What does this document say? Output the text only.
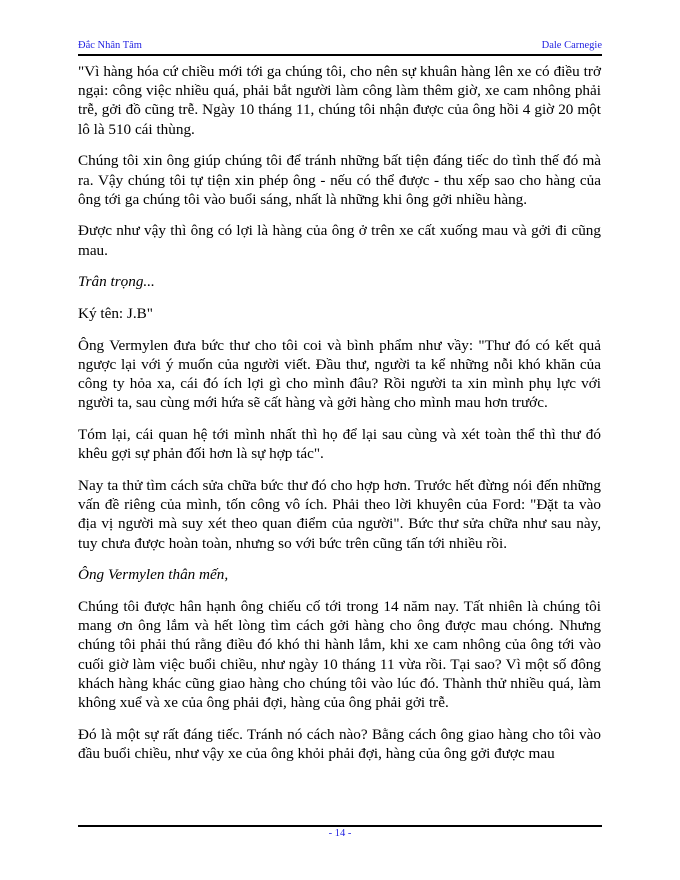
Đắc Nhân Tâm	Dale Carnegie

"Vì hàng hóa cứ chiều mới tới ga chúng tôi, cho nên sự khuân hàng lên xe có điều trở ngại: công việc nhiều quá, phải bắt người làm công làm thêm giờ, xe cam nhông phải trễ, gởi đồ cũng trễ. Ngày 10 tháng 11, chúng tôi nhận được của ông hồi 4 giờ 20 một lô là 510 cái thùng.

Chúng tôi xin ông giúp chúng tôi để tránh những bất tiện đáng tiếc do tình thế đó mà ra. Vậy chúng tôi tự tiện xin phép ông - nếu có thể được - thu xếp sao cho hàng của ông tới ga chúng tôi vào buổi sáng, nhất là những khi ông gởi nhiều hàng.

Được như vậy thì ông có lợi là hàng của ông ở trên xe cất xuống mau và gởi đi cũng mau.

Trân trọng...

Ký tên: J.B"

Ông Vermylen đưa bức thư cho tôi coi và bình phẩm như vầy: "Thư đó có kết quả ngược lại với ý muốn của người viết. Đầu thư, người ta kể những nỗi khó khăn của công ty hỏa xa, cái đó ích lợi gì cho mình đâu? Rồi người ta xin mình phụ lực với người ta, sau cùng mới hứa sẽ cất hàng và gởi hàng cho mình mau hơn trước.

Tóm lại, cái quan hệ tới mình nhất thì họ để lại sau cùng và xét toàn thể thì thư đó khêu gợi sự phản đối hơn là sự hợp tác".

Nay ta thử tìm cách sửa chữa bức thư đó cho hợp hơn. Trước hết đừng nói đến những vấn đề riêng của mình, tốn công vô ích. Phải theo lời khuyên của Ford: "Đặt ta vào địa vị người mà suy xét theo quan điểm của người". Bức thư sửa chữa như sau này, tuy chưa được hoàn toàn, nhưng so với bức trên cũng tấn tới nhiều rồi.

Ông Vermylen thân mến,

Chúng tôi được hân hạnh ông chiếu cố tới trong 14 năm nay. Tất nhiên là chúng tôi mang ơn ông lắm và hết lòng tìm cách gởi hàng cho ông được mau chóng. Nhưng chúng tôi phải thú rằng điều đó khó thi hành lắm, khi xe cam nhông của ông tới vào cuối giờ làm việc buổi chiều, như ngày 10 tháng 11 vừa rồi. Tại sao? Vì một số đông khách hàng khác cũng giao hàng cho chúng tôi vào lúc đó. Thành thử nhiều quá, làm không xuể và xe của ông phải đợi, hàng của ông phải gởi trễ.

Đó là một sự rất đáng tiếc. Tránh nó cách nào? Bằng cách ông giao hàng cho tôi vào đầu buổi chiều, như vậy xe của ông khỏi phải đợi, hàng của ông gởi được mau

- 14 -
